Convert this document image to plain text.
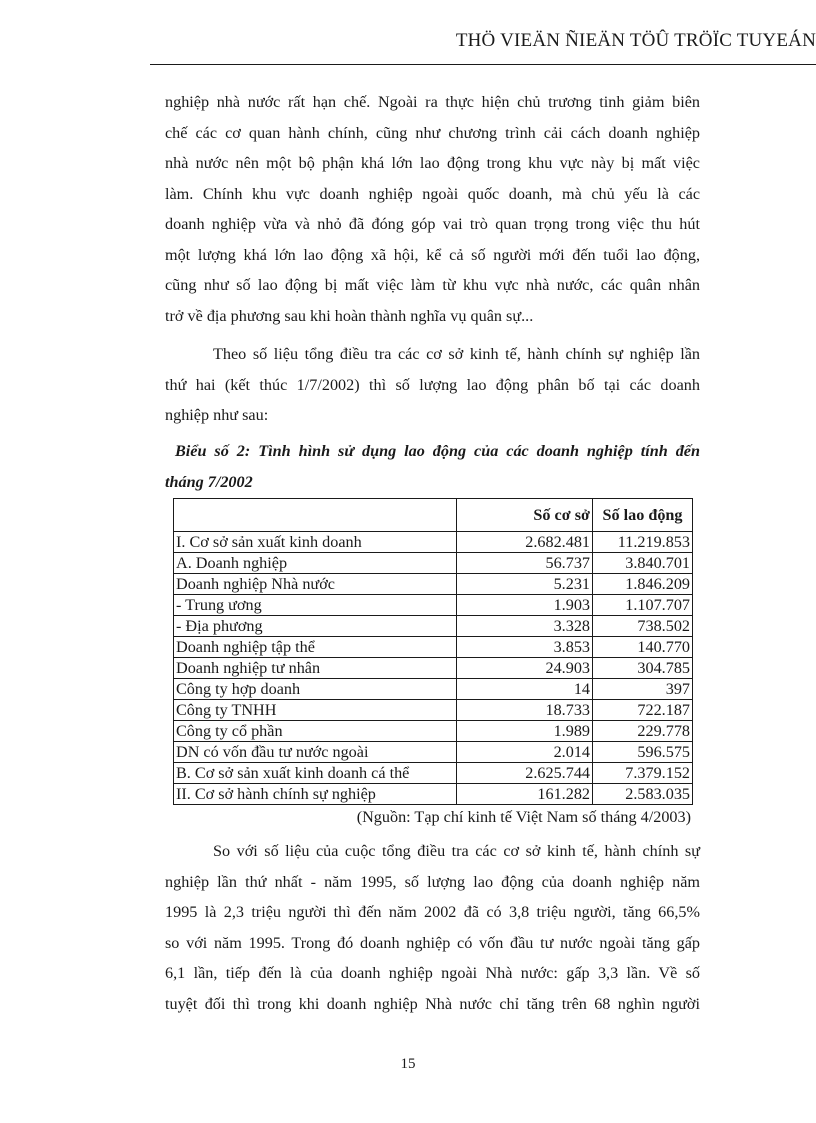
THÖ VIEÄN ÑIEÄN TÖÛ TRÖÏC TUYEÁN

nghiệp nhà nước rất hạn chế. Ngoài ra thực hiện chủ trương tinh giảm biên
chế các cơ quan hành chính, cũng như chương trình cải cách doanh nghiệp
nhà nước nên một bộ phận khá lớn lao động trong khu vực này bị mất việc
làm. Chính khu vực doanh nghiệp ngoài quốc doanh, mà chủ yếu là các
doanh nghiệp vừa và nhỏ đã đóng góp vai trò quan trọng trong việc thu hút
một lượng khá lớn lao động xã hội, kể cả số người mới đến tuổi lao động,
cũng như số lao động bị mất việc làm từ khu vực nhà nước, các quân nhân
trở về địa phương sau khi hoàn thành nghĩa vụ quân sự...

Theo số liệu tổng điều tra các cơ sở kinh tế, hành chính sự nghiệp lần
thứ hai (kết thúc 1/7/2002) thì số lượng lao động phân bố tại các doanh
nghiệp như sau:

Biểu số 2: Tình hình sử dụng lao động của các doanh nghiệp tính đến
tháng 7/2002
	Số cơ sở	Số lao động
I. Cơ sở sản xuất kinh doanh	2.682.481	11.219.853
A. Doanh nghiệp	56.737	3.840.701
Doanh nghiệp Nhà nước	5.231	1.846.209
- Trung ương	1.903	1.107.707
- Địa phương	3.328	738.502
Doanh nghiệp tập thể	3.853	140.770
Doanh nghiệp tư nhân	24.903	304.785
Công ty hợp doanh	14	397
Công ty TNHH	18.733	722.187
Công ty cổ phần	1.989	229.778
DN có vốn đầu tư nước ngoài	2.014	596.575
B. Cơ sở sản xuất kinh doanh cá thể	2.625.744	7.379.152
II. Cơ sở hành chính sự nghiệp	161.282	2.583.035
(Nguồn: Tạp chí kinh tế Việt Nam số tháng 4/2003)

So với số liệu của cuộc tổng điều tra các cơ sở kinh tế, hành chính sự
nghiệp lần thứ nhất - năm 1995, số lượng lao động của doanh nghiệp năm
1995 là 2,3 triệu người thì đến năm 2002 đã có 3,8 triệu người, tăng 66,5%
so với năm 1995. Trong đó doanh nghiệp có vốn đầu tư nước ngoài tăng gấp
6,1 lần, tiếp đến là của doanh nghiệp ngoài Nhà nước: gấp 3,3 lần. Về số
tuyệt đối thì trong khi doanh nghiệp Nhà nước chỉ tăng trên 68 nghìn người

15
